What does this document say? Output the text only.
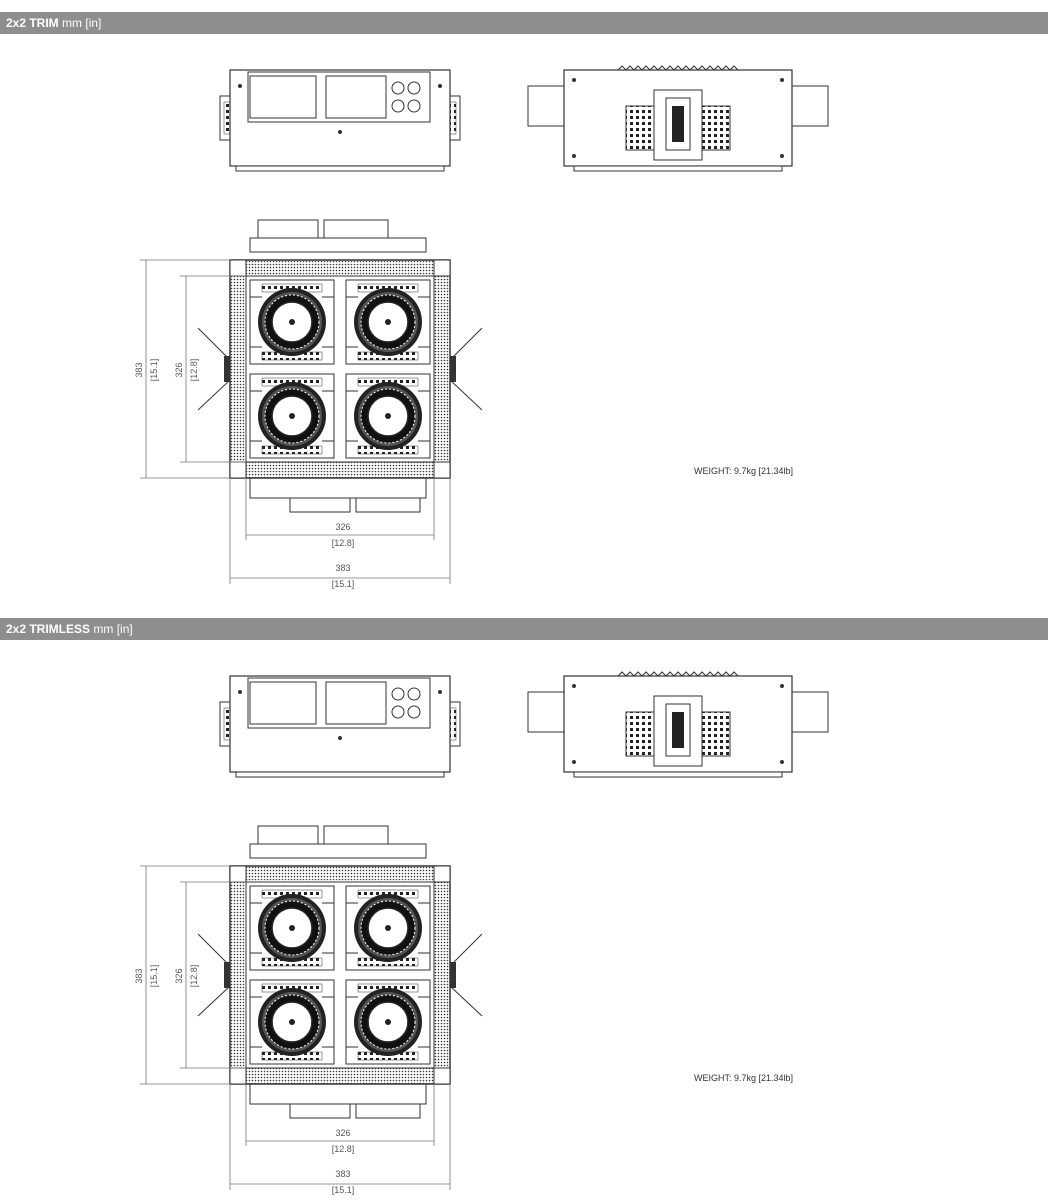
2x2 TRIM mm [in]
383 [15.1] 326 [12.8]
326
[12.8]
383
[15.1]
WEIGHT: 9.7kg [21.34lb]
2x2 TRIMLESS mm [in]
383 [15.1] 326 [12.8]
326
[12.8]
383
[15.1]
WEIGHT: 9.7kg [21.34lb]
